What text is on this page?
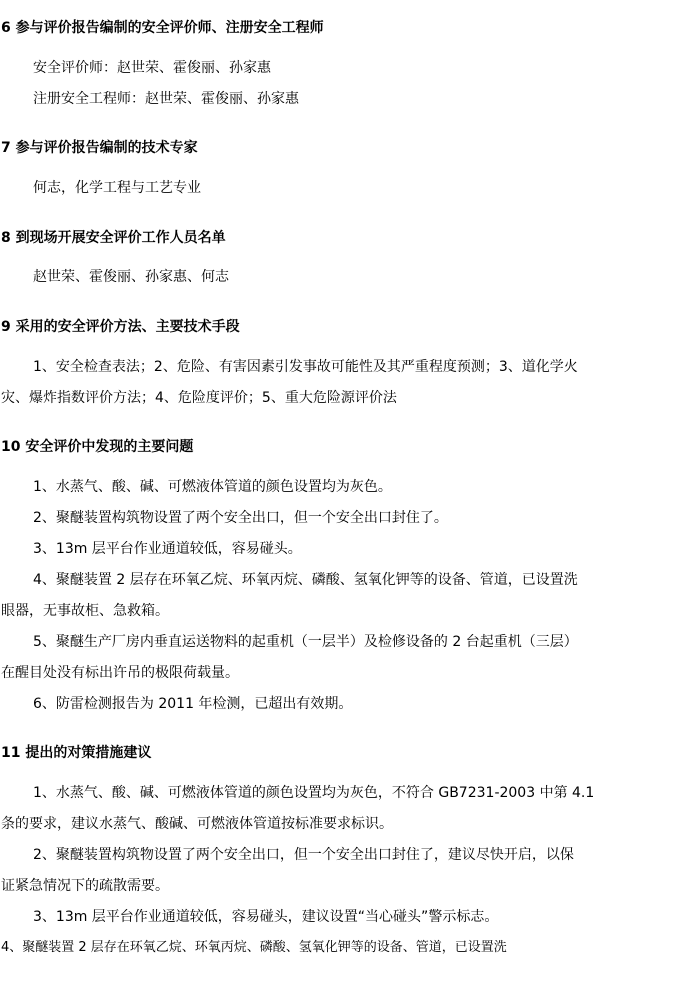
6 参与评价报告编制的安全评价师、注册安全工程师
安全评价师：赵世荣、霍俊丽、孙家惠
注册安全工程师：赵世荣、霍俊丽、孙家惠
7 参与评价报告编制的技术专家
何志，化学工程与工艺专业
8 到现场开展安全评价工作人员名单
赵世荣、霍俊丽、孙家惠、何志
9 采用的安全评价方法、主要技术手段
1、安全检查表法；2、危险、有害因素引发事故可能性及其严重程度预测；3、道化学火
灾、爆炸指数评价方法；4、危险度评价；5、重大危险源评价法
10 安全评价中发现的主要问题
1、水蒸气、酸、碱、可燃液体管道的颜色设置均为灰色。
2、聚醚装置构筑物设置了两个安全出口，但一个安全出口封住了。
3、13m 层平台作业通道较低，容易碰头。
4、聚醚装置 2 层存在环氧乙烷、环氧丙烷、磷酸、氢氧化钾等的设备、管道，已设置洗
眼器，无事故柜、急救箱。
5、聚醚生产厂房内垂直运送物料的起重机（一层半）及检修设备的 2 台起重机（三层）
在醒目处没有标出许吊的极限荷载量。
6、防雷检测报告为 2011 年检测，已超出有效期。
11 提出的对策措施建议
1、水蒸气、酸、碱、可燃液体管道的颜色设置均为灰色，不符合 GB7231-2003 中第 4.1
条的要求，建议水蒸气、酸碱、可燃液体管道按标准要求标识。
2、聚醚装置构筑物设置了两个安全出口，但一个安全出口封住了，建议尽快开启，以保
证紧急情况下的疏散需要。
3、13m 层平台作业通道较低，容易碰头，建议设置“当心碰头”警示标志。
4、聚醚装置 2 层存在环氧乙烷、环氧丙烷、磷酸、氢氧化钾等的设备、管道，已设置洗
